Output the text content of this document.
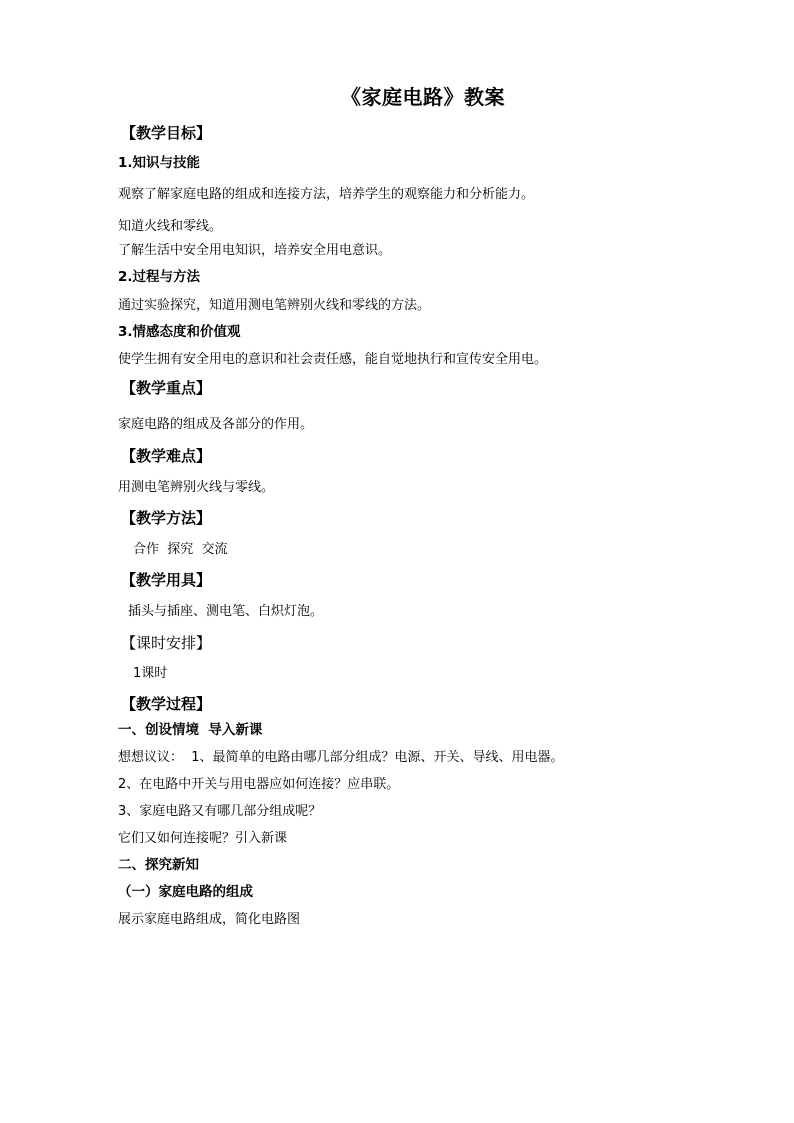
《家庭电路》教案
【教学目标】
1.知识与技能
观察了解家庭电路的组成和连接方法，培养学生的观察能力和分析能力。
知道火线和零线。
了解生活中安全用电知识，培养安全用电意识。
2.过程与方法
通过实验探究，知道用测电笔辨别火线和零线的方法。
3.情感态度和价值观
使学生拥有安全用电的意识和社会责任感，能自觉地执行和宣传安全用电。
【教学重点】
家庭电路的组成及各部分的作用。
【教学难点】
用测电笔辨别火线与零线。
【教学方法】
合作  探究  交流
【教学用具】
插头与插座、测电笔、白炽灯泡。
【课时安排】
1课时
【教学过程】
一、创设情境  导入新课
想想议议：  1、最简单的电路由哪几部分组成？电源、开关、导线、用电器。
2、在电路中开关与用电器应如何连接？应串联。
3、家庭电路又有哪几部分组成呢？
它们又如何连接呢？引入新课
二、探究新知
（一）家庭电路的组成
展示家庭电路组成，简化电路图
